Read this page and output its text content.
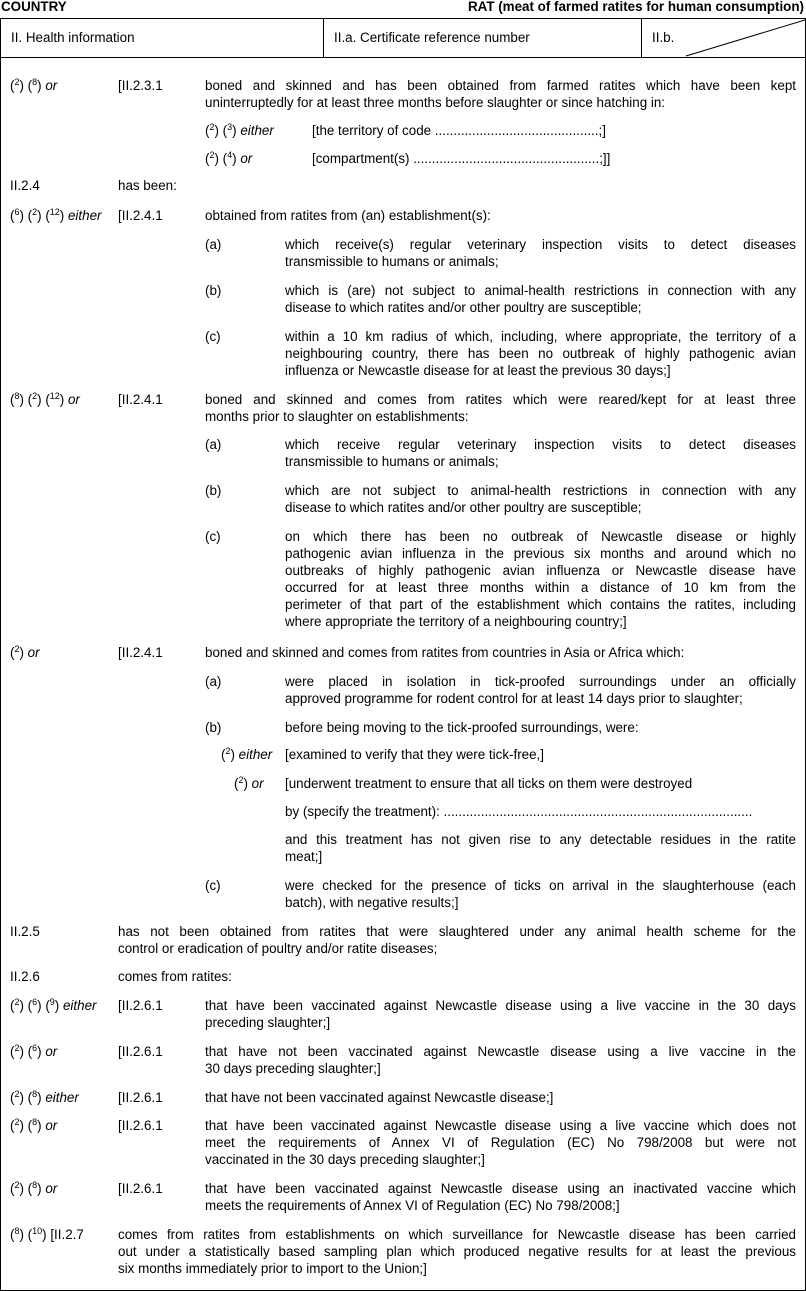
COUNTRY	RAT (meat of farmed ratites for human consumption)
II. Health information	II.a. Certificate reference number	II.b.
($^2$) ($^8$) or	[II.2.3.1	boned and skinned and has been obtained from farmed ratites which have been kept
uninterruptedly for at least three months before slaughter or since hatching in:
($^2$) ($^3$) either	[the territory of code ............................................;]
($^2$) ($^4$) or	[compartment(s) ..................................................;]]
II.2.4	has been:
($^6$) ($^2$) ($^{12}$) either [II.2.4.1	obtained from ratites from (an) establishment(s):
(a)	which receive(s) regular veterinary inspection visits to detect diseases
transmissible to humans or animals;
(b)	which is (are) not subject to animal-health restrictions in connection with any
disease to which ratites and/or other poultry are susceptible;
(c)	within a 10 km radius of which, including, where appropriate, the territory of a
neighbouring country, there has been no outbreak of highly pathogenic avian
influenza or Newcastle disease for at least the previous 30 days;]
($^8$) ($^2$) ($^{12}$) or	[II.2.4.1	boned and skinned and comes from ratites which were reared/kept for at least three
months prior to slaughter on establishments:
(a)	which receive regular veterinary inspection visits to detect diseases
transmissible to humans or animals;
(b)	which are not subject to animal-health restrictions in connection with any
disease to which ratites and/or other poultry are susceptible;
(c)	on which there has been no outbreak of Newcastle disease or highly
pathogenic avian influenza in the previous six months and around which no
outbreaks of highly pathogenic avian influenza or Newcastle disease have
occurred for at least three months within a distance of 10 km from the
perimeter of that part of the establishment which contains the ratites, including
where appropriate the territory of a neighbouring country;]
($^2$) or	[II.2.4.1	boned and skinned and comes from ratites from countries in Asia or Africa which:
(a)	were placed in isolation in tick-proofed surroundings under an officially
approved programme for rodent control for at least 14 days prior to slaughter;
(b)	before being moving to the tick-proofed surroundings, were:
($^2$) either [examined to verify that they were tick-free,]
($^2$) or [underwent treatment to ensure that all ticks on them were destroyed
by (specify the treatment): ...................................................................................
and this treatment has not given rise to any detectable residues in the ratite
meat;]
(c)	were checked for the presence of ticks on arrival in the slaughterhouse (each
batch), with negative results;]
II.2.5	has not been obtained from ratites that were slaughtered under any animal health scheme for the
control or eradication of poultry and/or ratite diseases;
II.2.6	comes from ratites:
($^2$) ($^6$) ($^9$) either [II.2.6.1	that have been vaccinated against Newcastle disease using a live vaccine in the 30 days
preceding slaughter;]
($^2$) ($^6$) or	[II.2.6.1	that have not been vaccinated against Newcastle disease using a live vaccine in the
30 days preceding slaughter;]
($^2$) ($^8$) either	[II.2.6.1	that have not been vaccinated against Newcastle disease;]
($^2$) ($^8$) or	[II.2.6.1	that have been vaccinated against Newcastle disease using a live vaccine which does not
meet the requirements of Annex VI of Regulation (EC) No 798/2008 but were not
vaccinated in the 30 days preceding slaughter;]
($^2$) ($^8$) or	[II.2.6.1	that have been vaccinated against Newcastle disease using an inactivated vaccine which
meets the requirements of Annex VI of Regulation (EC) No 798/2008;]
($^8$) ($^{10}$) [II.2.7	comes from ratites from establishments on which surveillance for Newcastle disease has been carried
out under a statistically based sampling plan which produced negative results for at least the previous
six months immediately prior to import to the Union;]
